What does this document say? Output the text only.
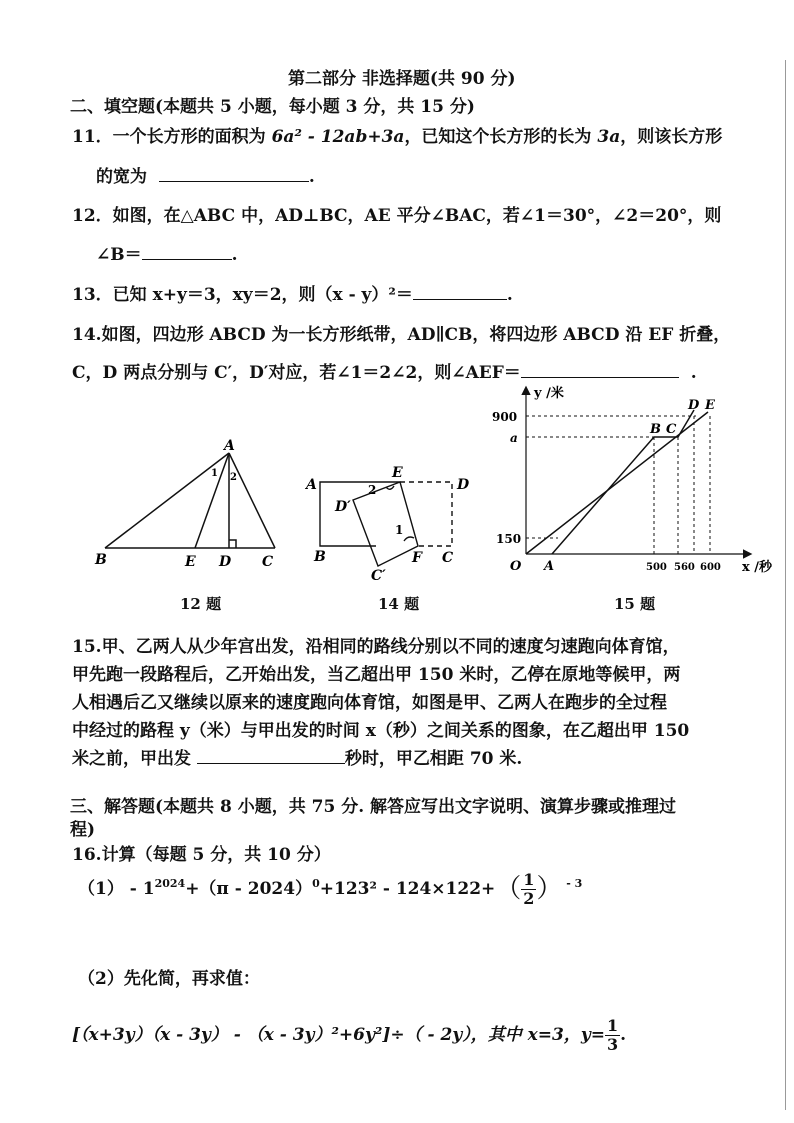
第二部分 非选择题(共 90 分)
二、填空题(本题共 5 小题，每小题 3 分，共 15 分)
11．一个长方形的面积为 6a² - 12ab+3a，已知这个长方形的长为 3a，则该长方形
的宽为	.
12．如图，在△ABC 中，AD⊥BC，AE 平分∠BAC，若∠1＝30°，∠2＝20°，则
∠B＝	.
13．已知 x+y＝3，xy＝2，则（x - y）²＝	.
14.如图，四边形 ABCD 为一长方形纸带，AD∥CB，将四边形 ABCD 沿 EF 折叠，
C，D 两点分别与 C′，D′对应，若∠1＝2∠2，则∠AEF＝	.
A
B	E D C
1 2	A
E
D
D′
B	C
C′
F
1
2
y /米
x /秒
O
900
a
150
A	500 560 600
B C
D E
12 题	14 题	15 题
15.甲、乙两人从少年宫出发，沿相同的路线分别以不同的速度匀速跑向体育馆，
甲先跑一段路程后，乙开始出发，当乙超出甲 150 米时，乙停在原地等候甲，两
人相遇后乙又继续以原来的速度跑向体育馆，如图是甲、乙两人在跑步的全过程
中经过的路程 y（米）与甲出发的时间 x（秒）之间关系的图象，在乙超出甲 150
米之前，甲出发	秒时，甲乙相距 70 米.
三、解答题(本题共 8 小题，共 75 分. 解答应写出文字说明、演算步骤或推理过
程)
16.计算（每题 5 分，共 10 分）
$(1) - 1^{2024}+(\pi - 2024)^0+123^2 - 124\times 122+( \frac{1}{2}$ ） $^{- 3}$
（2）先化简，再求值：
[（x+3y）（x - 3y） - （x - 3y）²+6y²]÷（ - 2y），其中 x=3，$y= \frac{1}{3}$ .
